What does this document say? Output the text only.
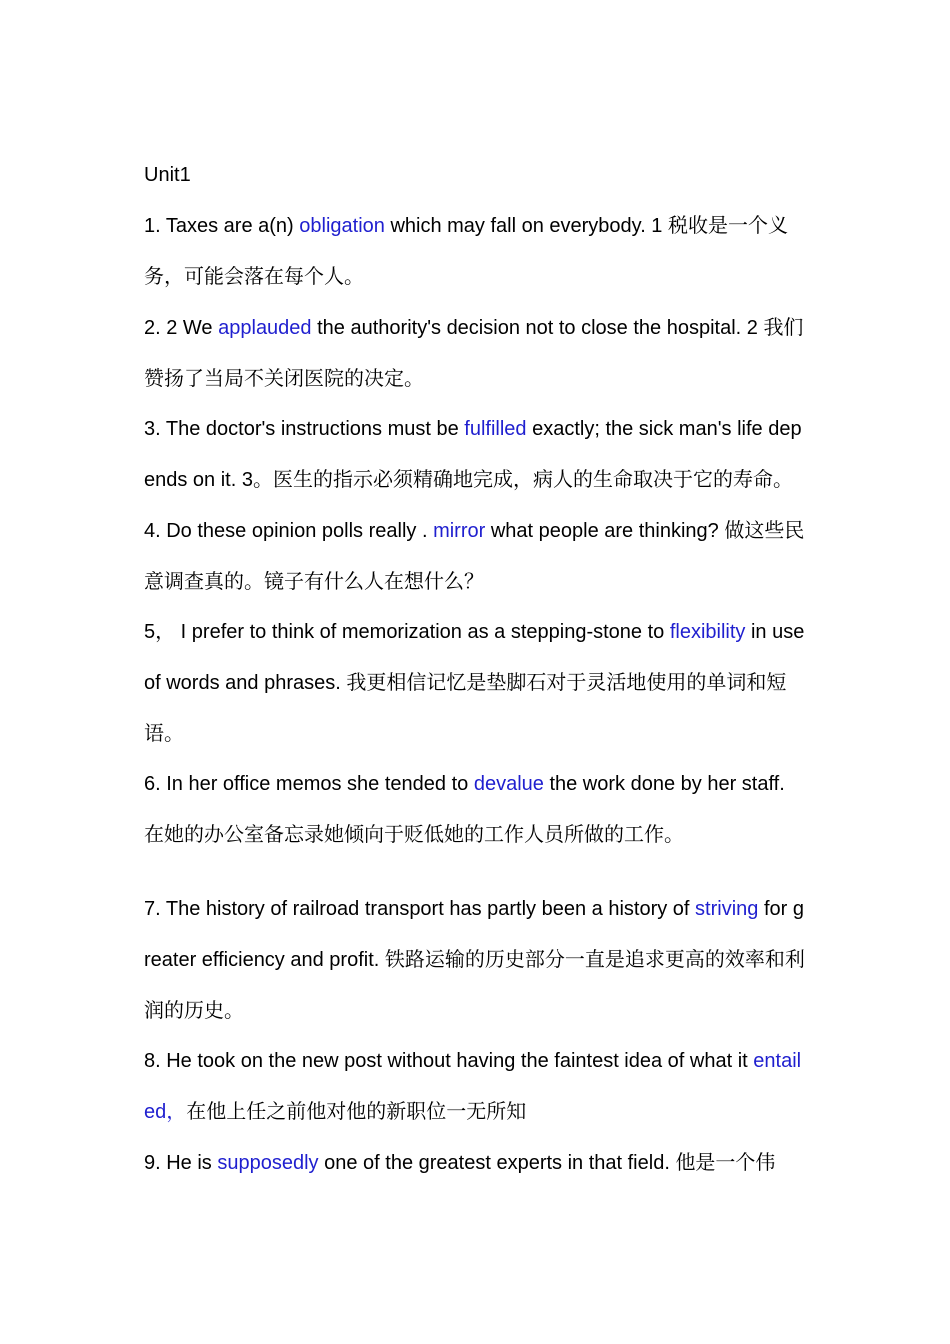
Unit1

1. Taxes are a(n) obligation which may fall on everybody. 1 税收是一个义务，可能会落在每个人。

2. 2 We applauded the authority's decision not to close the hospital. 2 我们赞扬了当局不关闭医院的决定。

3. The doctor's instructions must be fulfilled exactly; the sick man's life depends on it. 3。医生的指示必须精确地完成，病人的生命取决于它的寿命。

4. Do these opinion polls really . mirror what people are thinking? 做这些民意调查真的。镜子有什么人在想什么？

5， I prefer to think of memorization as a stepping-stone to flexibility in use of words and phrases. 我更相信记忆是垫脚石对于灵活地使用的单词和短语。

6. In her office memos she tended to devalue the work done by her staff. 在她的办公室备忘录她倾向于贬低她的工作人员所做的工作。

7. The history of railroad transport has partly been a history of striving for greater efficiency and profit. 铁路运输的历史部分一直是追求更高的效率和利润的历史。

8. He took on the new post without having the faintest idea of what it entailed，在他上任之前他对他的新职位一无所知

9. He is supposedly one of the greatest experts in that field. 他是一个伟
